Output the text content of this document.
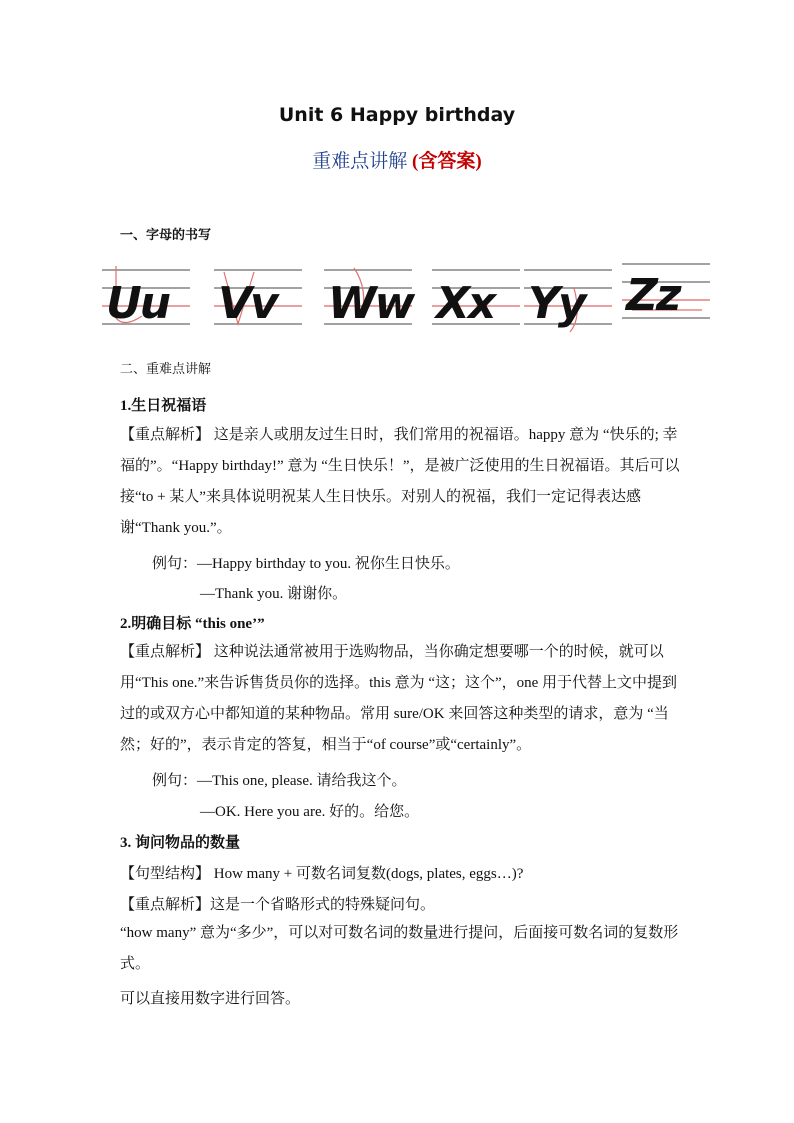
Unit 6 Happy birthday
重难点讲解 (含答案)
一、字母的书写
Uu Vv Ww Xx Yy Zz
二、重难点讲解
1.生日祝福语
【重点解析】 这是亲人或朋友过生日时，我们常用的祝福语。happy 意为 “快乐的; 幸福的”。“Happy birthday!” 意为 “生日快乐！”，是被广泛使用的生日祝福语。其后可以接“to + 某人”来具体说明祝某人生日快乐。对别人的祝福，我们一定记得表达感谢“Thank you.”。
例句：—Happy birthday to you. 祝你生日快乐。
—Thank you. 谢谢你。
2.明确目标 “this one’”
【重点解析】 这种说法通常被用于选购物品，当你确定想要哪一个的时候，就可以用“This one.”来告诉售货员你的选择。this 意为 “这；这个”，one 用于代替上文中提到过的或双方心中都知道的某种物品。常用 sure/OK 来回答这种类型的请求，意为 “当然；好的”，表示肯定的答复，相当于“of course”或“certainly”。
例句：—This one, please. 请给我这个。
—OK. Here you are. 好的。给您。
3. 询问物品的数量
【句型结构】 How many + 可数名词复数(dogs, plates, eggs…)?
【重点解析】这是一个省略形式的特殊疑问句。
“how many” 意为“多少”，可以对可数名词的数量进行提问，后面接可数名词的复数形式。
可以直接用数字进行回答。
